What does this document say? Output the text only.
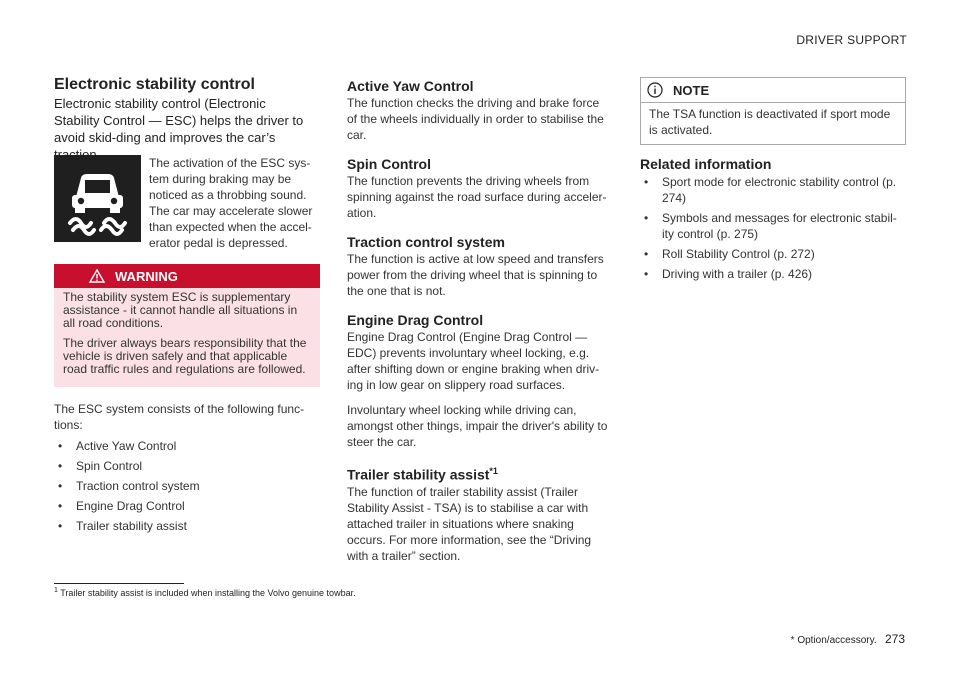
DRIVER SUPPORT
Electronic stability control
Electronic stability control (Electronic Stability Control — ESC) helps the driver to avoid skid-ding and improves the car’s
The activation of the ESC sys-tem during braking may be noticed as a throbbing sound. The car may accelerate slower than expected when the accel-erator pedal is depressed.
WARNING

The stability system ESC is supplementary assistance - it cannot handle all situations in all road conditions.

The driver always bears responsibility that the vehicle is driven safely and that applicable road traffic rules and regulations are followed.

The ESC system consists of the following func-tions:
• Active Yaw Control
• Spin Control
• Traction control system
• Engine Drag Control
• Trailer stability assist
Active Yaw Control

The function checks the driving and brake force of the wheels individually in order to stabilise the car.

Spin Control

The function prevents the driving wheels from spinning against the road surface during acceler-ation.

Traction control system

The function is active at low speed and transfers power from the driving wheel that is spinning to the one that is not.

Engine Drag Control

Engine Drag Control (Engine Drag Control — EDC) prevents involuntary wheel locking, e.g. after shifting down or engine braking when driv-ing in low gear on slippery road surfaces.

Involuntary wheel locking while driving can, amongst other things, impair the driver's ability to steer the car.

Trailer stability assist$^{*1}$

The function of trailer stability assist (Trailer Stability Assist - TSA) is to stabilise a car with attached trailer in situations where snaking occurs. For more information, see the “Driving with a trailer” section.

NOTE
The TSA function is deactivated if sport mode is activated.
Related information
• Sport mode for electronic stability control (p. 274)
• Symbols and messages for electronic stabil-ity control (p. 275)
• Roll Stability Control (p. 272)
• Driving with a trailer (p. 426)
$^1$ Trailer stability assist is included when installing the Volvo genuine towbar.
* Option/accessory. 273
